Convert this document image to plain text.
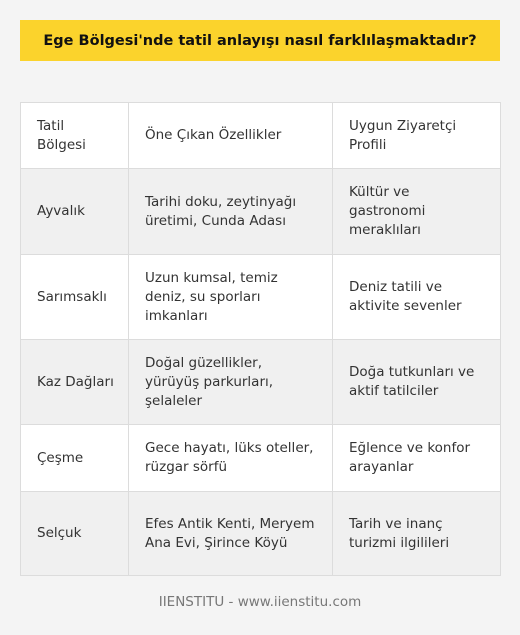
Ege Bölgesi'nde tatil anlayışı nasıl farklılaşmaktadır?
Tatil Bölgesi	Öne Çıkan Özellikler	Uygun Ziyaretçi Profili
Ayvalık	Tarihi doku, zeytinyağı üretimi, Cunda Adası	Kültür ve gastronomi meraklıları
Sarımsaklı	Uzun kumsal, temiz deniz, su sporları imkanları	Deniz tatili ve aktivite sevenler
Kaz Dağları	Doğal güzellikler, yürüyüş parkurları, şelaleler	Doğa tutkunları ve aktif tatilciler
Çeşme	Gece hayatı, lüks oteller, rüzgar sörfü	Eğlence ve konfor arayanlar
Selçuk	Efes Antik Kenti, Meryem Ana Evi, Şirince Köyü	Tarih ve inanç turizmi ilgilileri
IIENSTITU - www.iienstitu.com
